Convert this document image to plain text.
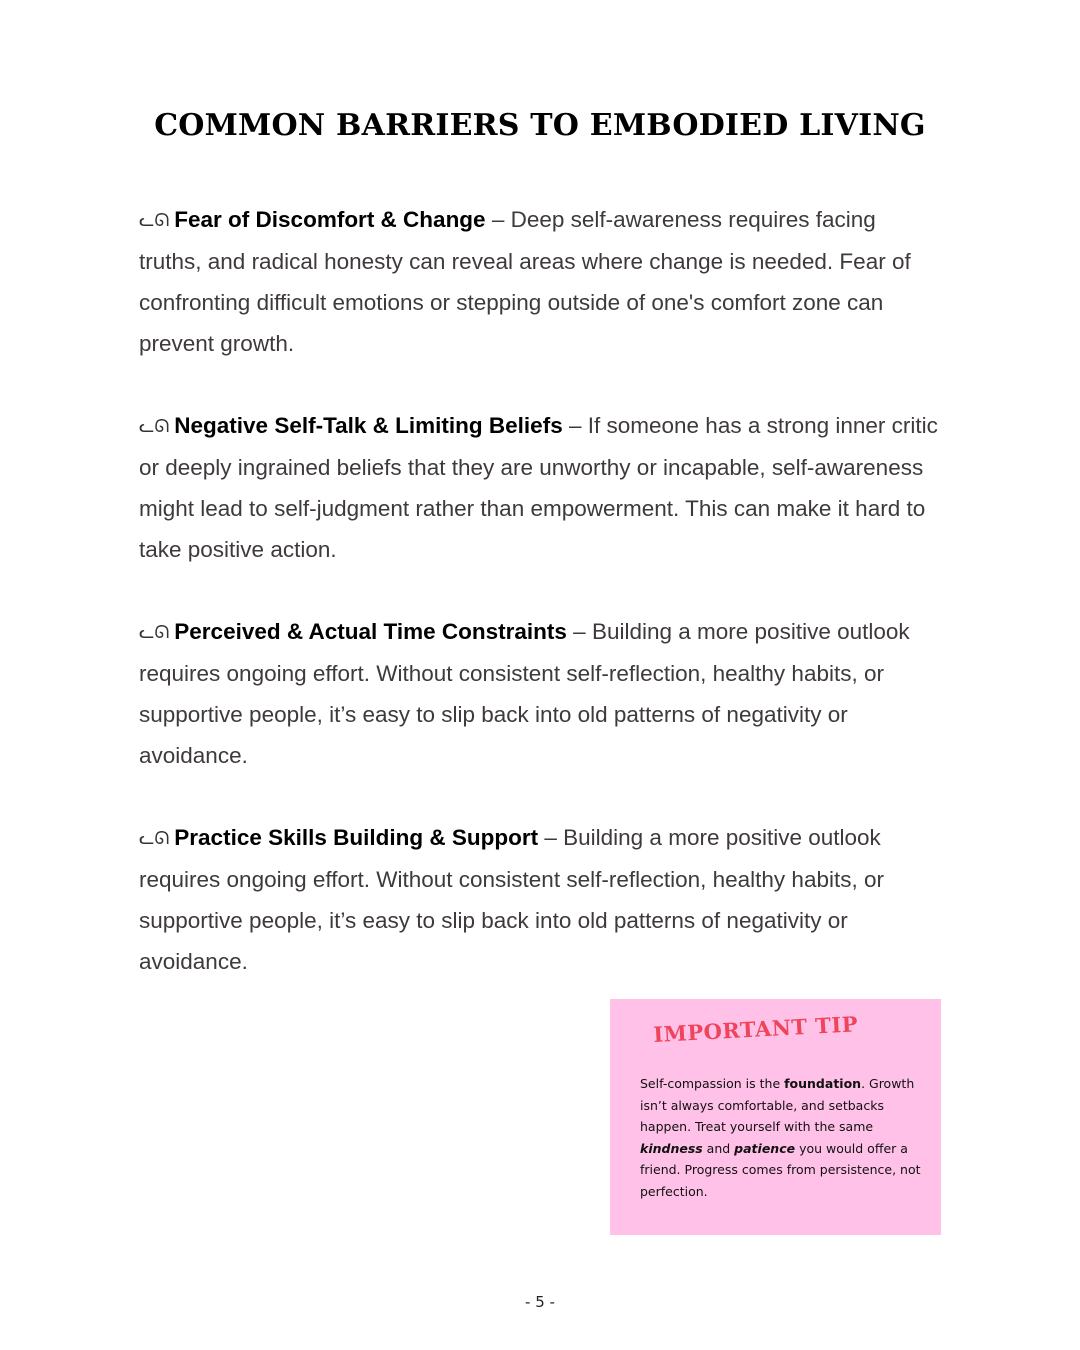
COMMON BARRIERS TO EMBODIED LIVING

ᓚᘏ Fear of Discomfort & Change – Deep self-awareness requires facing truths, and radical honesty can reveal areas where change is needed. Fear of confronting difficult emotions or stepping outside of one's comfort zone can prevent growth.

ᓚᘏ Negative Self-Talk & Limiting Beliefs – If someone has a strong inner critic or deeply ingrained beliefs that they are unworthy or incapable, self-awareness might lead to self-judgment rather than empowerment. This can make it hard to take positive action.

ᓚᘏ Perceived & Actual Time Constraints – Building a more positive outlook requires ongoing effort. Without consistent self-reflection, healthy habits, or supportive people, it’s easy to slip back into old patterns of negativity or avoidance.

ᓚᘏ Practice Skills Building & Support – Building a more positive outlook requires ongoing effort. Without consistent self-reflection, healthy habits, or supportive people, it’s easy to slip back into old patterns of negativity or avoidance.

IMPORTANT TIP

Self-compassion is the foundation. Growth isn’t always comfortable, and setbacks happen. Treat yourself with the same kindness and patience you would offer a friend. Progress comes from persistence, not perfection.

- 5 -
